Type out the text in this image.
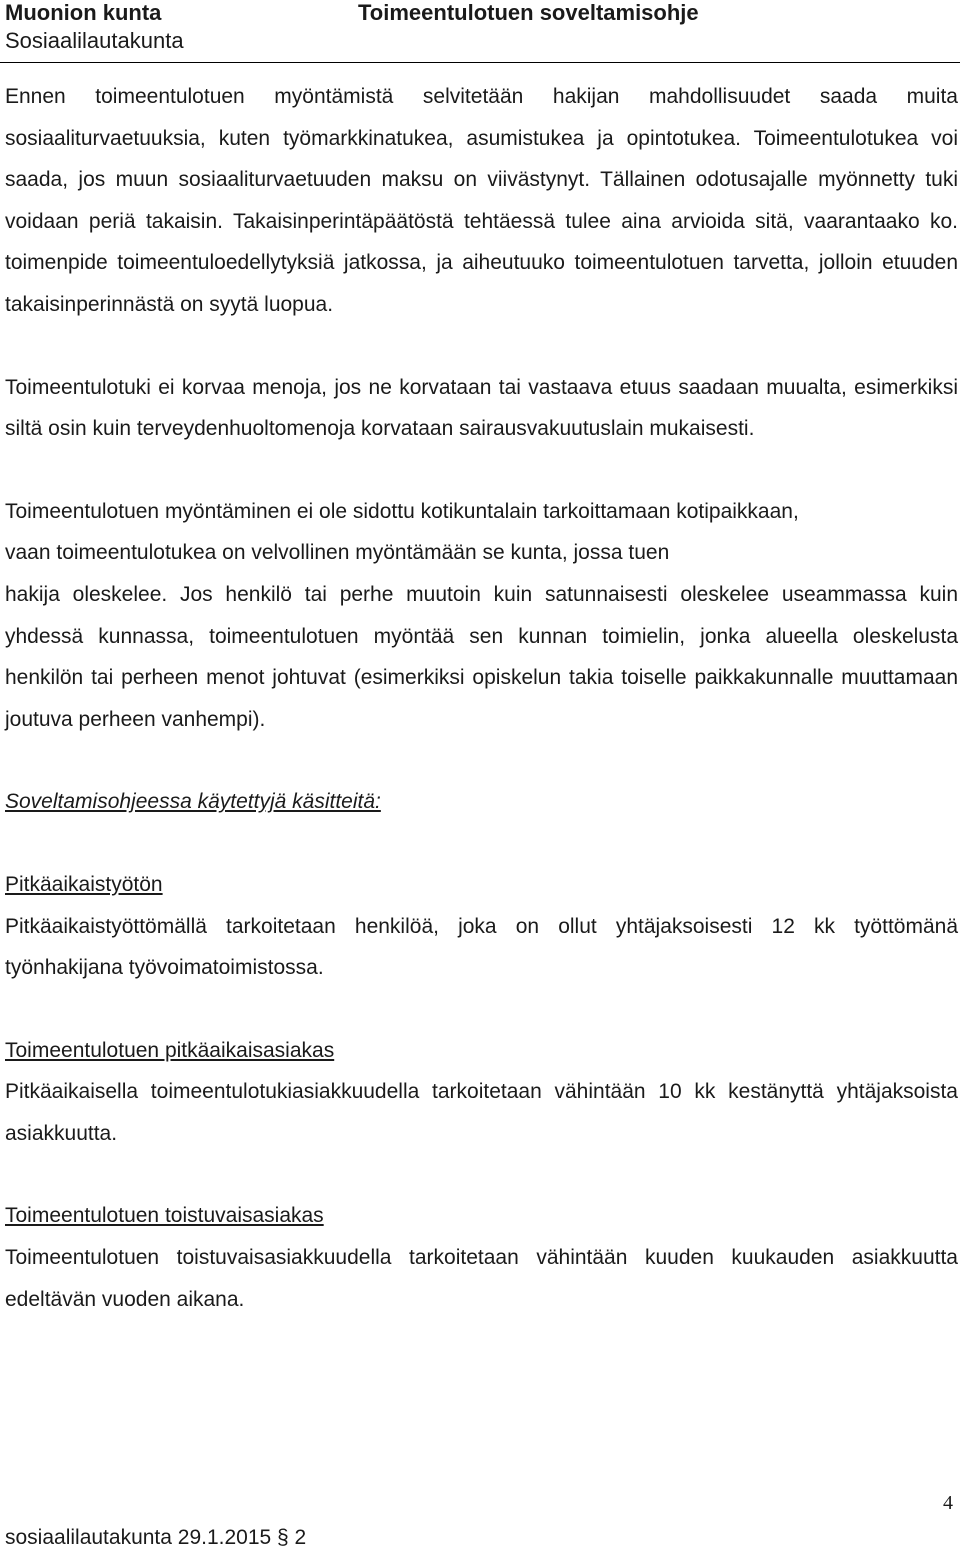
Muonion kunta
Sosiaalilautakunta
Toimeentulotuen soveltamisohje

Ennen toimeentulotuen myöntämistä selvitetään hakijan mahdollisuudet saada muita sosiaaliturvaetuuksia, kuten työmarkkinatukea, asumistukea ja opintotukea. Toimeentulotukea voi saada, jos muun sosiaaliturvaetuuden maksu on viivästynyt. Tällainen odotusajalle myönnetty tuki voidaan periä takaisin. Takaisinperintäpäätöstä tehtäessä tulee aina arvioida sitä, vaarantaako ko. toimenpide toimeentuloedellytyksiä jatkossa, ja aiheutuuko toimeentulotuen tarvetta, jolloin etuuden takaisinperinnästä on syytä luopua.

Toimeentulotuki ei korvaa menoja, jos ne korvataan tai vastaava etuus saadaan muualta, esimerkiksi siltä osin kuin terveydenhuoltomenoja korvataan sairausvakuutuslain mukaisesti.

Toimeentulotuen myöntäminen ei ole sidottu kotikuntalain tarkoittamaan kotipaikkaan,

vaan toimeentulotukea on velvollinen myöntämään se kunta, jossa tuen

hakija oleskelee. Jos henkilö tai perhe muutoin kuin satunnaisesti oleskelee useammassa kuin yhdessä kunnassa, toimeentulotuen myöntää sen kunnan toimielin, jonka alueella oleskelusta henkilön tai perheen menot johtuvat (esimerkiksi opiskelun takia toiselle paikkakunnalle muuttamaan joutuva perheen vanhempi).

Soveltamisohjeessa käytettyjä käsitteitä:

Pitkäaikaistyötön

Pitkäaikaistyöttömällä tarkoitetaan henkilöä, joka on ollut yhtäjaksoisesti 12 kk työttömänä työnhakijana työvoimatoimistossa.

Toimeentulotuen pitkäaikaisasiakas

Pitkäaikaisella toimeentulotukiasiakkuudella tarkoitetaan vähintään 10 kk kestänyttä yhtäjaksoista asiakkuutta.

Toimeentulotuen toistuvaisasiakas

Toimeentulotuen toistuvaisasiakkuudella tarkoitetaan vähintään kuuden kuukauden asiakkuutta edeltävän vuoden aikana.

4
sosiaalilautakunta 29.1.2015 § 2
